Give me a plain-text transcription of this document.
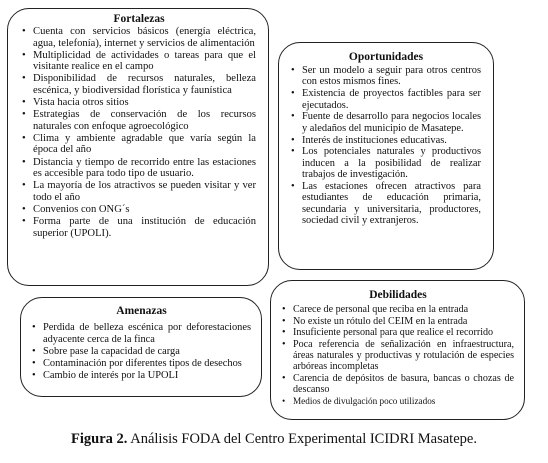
Fortalezas
• Cuenta con servicios básicos (energía eléctrica, agua, telefonía), internet y servicios de alimentación
• Multiplicidad de actividades o tareas para que el visitante realice en el campo
• Disponibilidad de recursos naturales, belleza escénica, y biodiversidad florística y faunística
• Vista hacia otros sitios
• Estrategias de conservación de los recursos naturales con enfoque agroecológico
• Clima y ambiente agradable que varía según la época del año
• Distancia y tiempo de recorrido entre las estaciones es accesible para todo tipo de usuario.
• La mayoría de los atractivos se pueden visitar y ver todo el año
• Convenios con ONG´s
• Forma parte de una institución de educación superior (UPOLI).
Oportunidades
• Ser un modelo a seguir para otros centros con estos mismos fines.
• Existencia de proyectos factibles para ser ejecutados.
• Fuente de desarrollo para negocios locales y aledaños del municipio de Masatepe.
• Interés de instituciones educativas.
• Los potenciales naturales y productivos inducen a la posibilidad de realizar trabajos de investigación.
• Las estaciones ofrecen atractivos para estudiantes de educación primaria, secundaria y universitaria, productores, sociedad civil y extranjeros.
Amenazas
• Perdida de belleza escénica por deforestaciones adyacente cerca de la finca
• Sobre pase la capacidad de carga
• Contaminación por diferentes tipos de desechos
• Cambio de interés por la UPOLI
Debilidades
• Carece de personal que reciba en la entrada
• No existe un rótulo del CEIM en la entrada
• Insuficiente personal para que realice el recorrido
• Poca referencia de señalización en infraestructura, áreas naturales y productivas y rotulación de especies arbóreas incompletas
• Carencia de depósitos de basura, bancas o chozas de descanso
• Medios de divulgación poco utilizados
Figura 2. Análisis FODA del Centro Experimental ICIDRI Masatepe.
